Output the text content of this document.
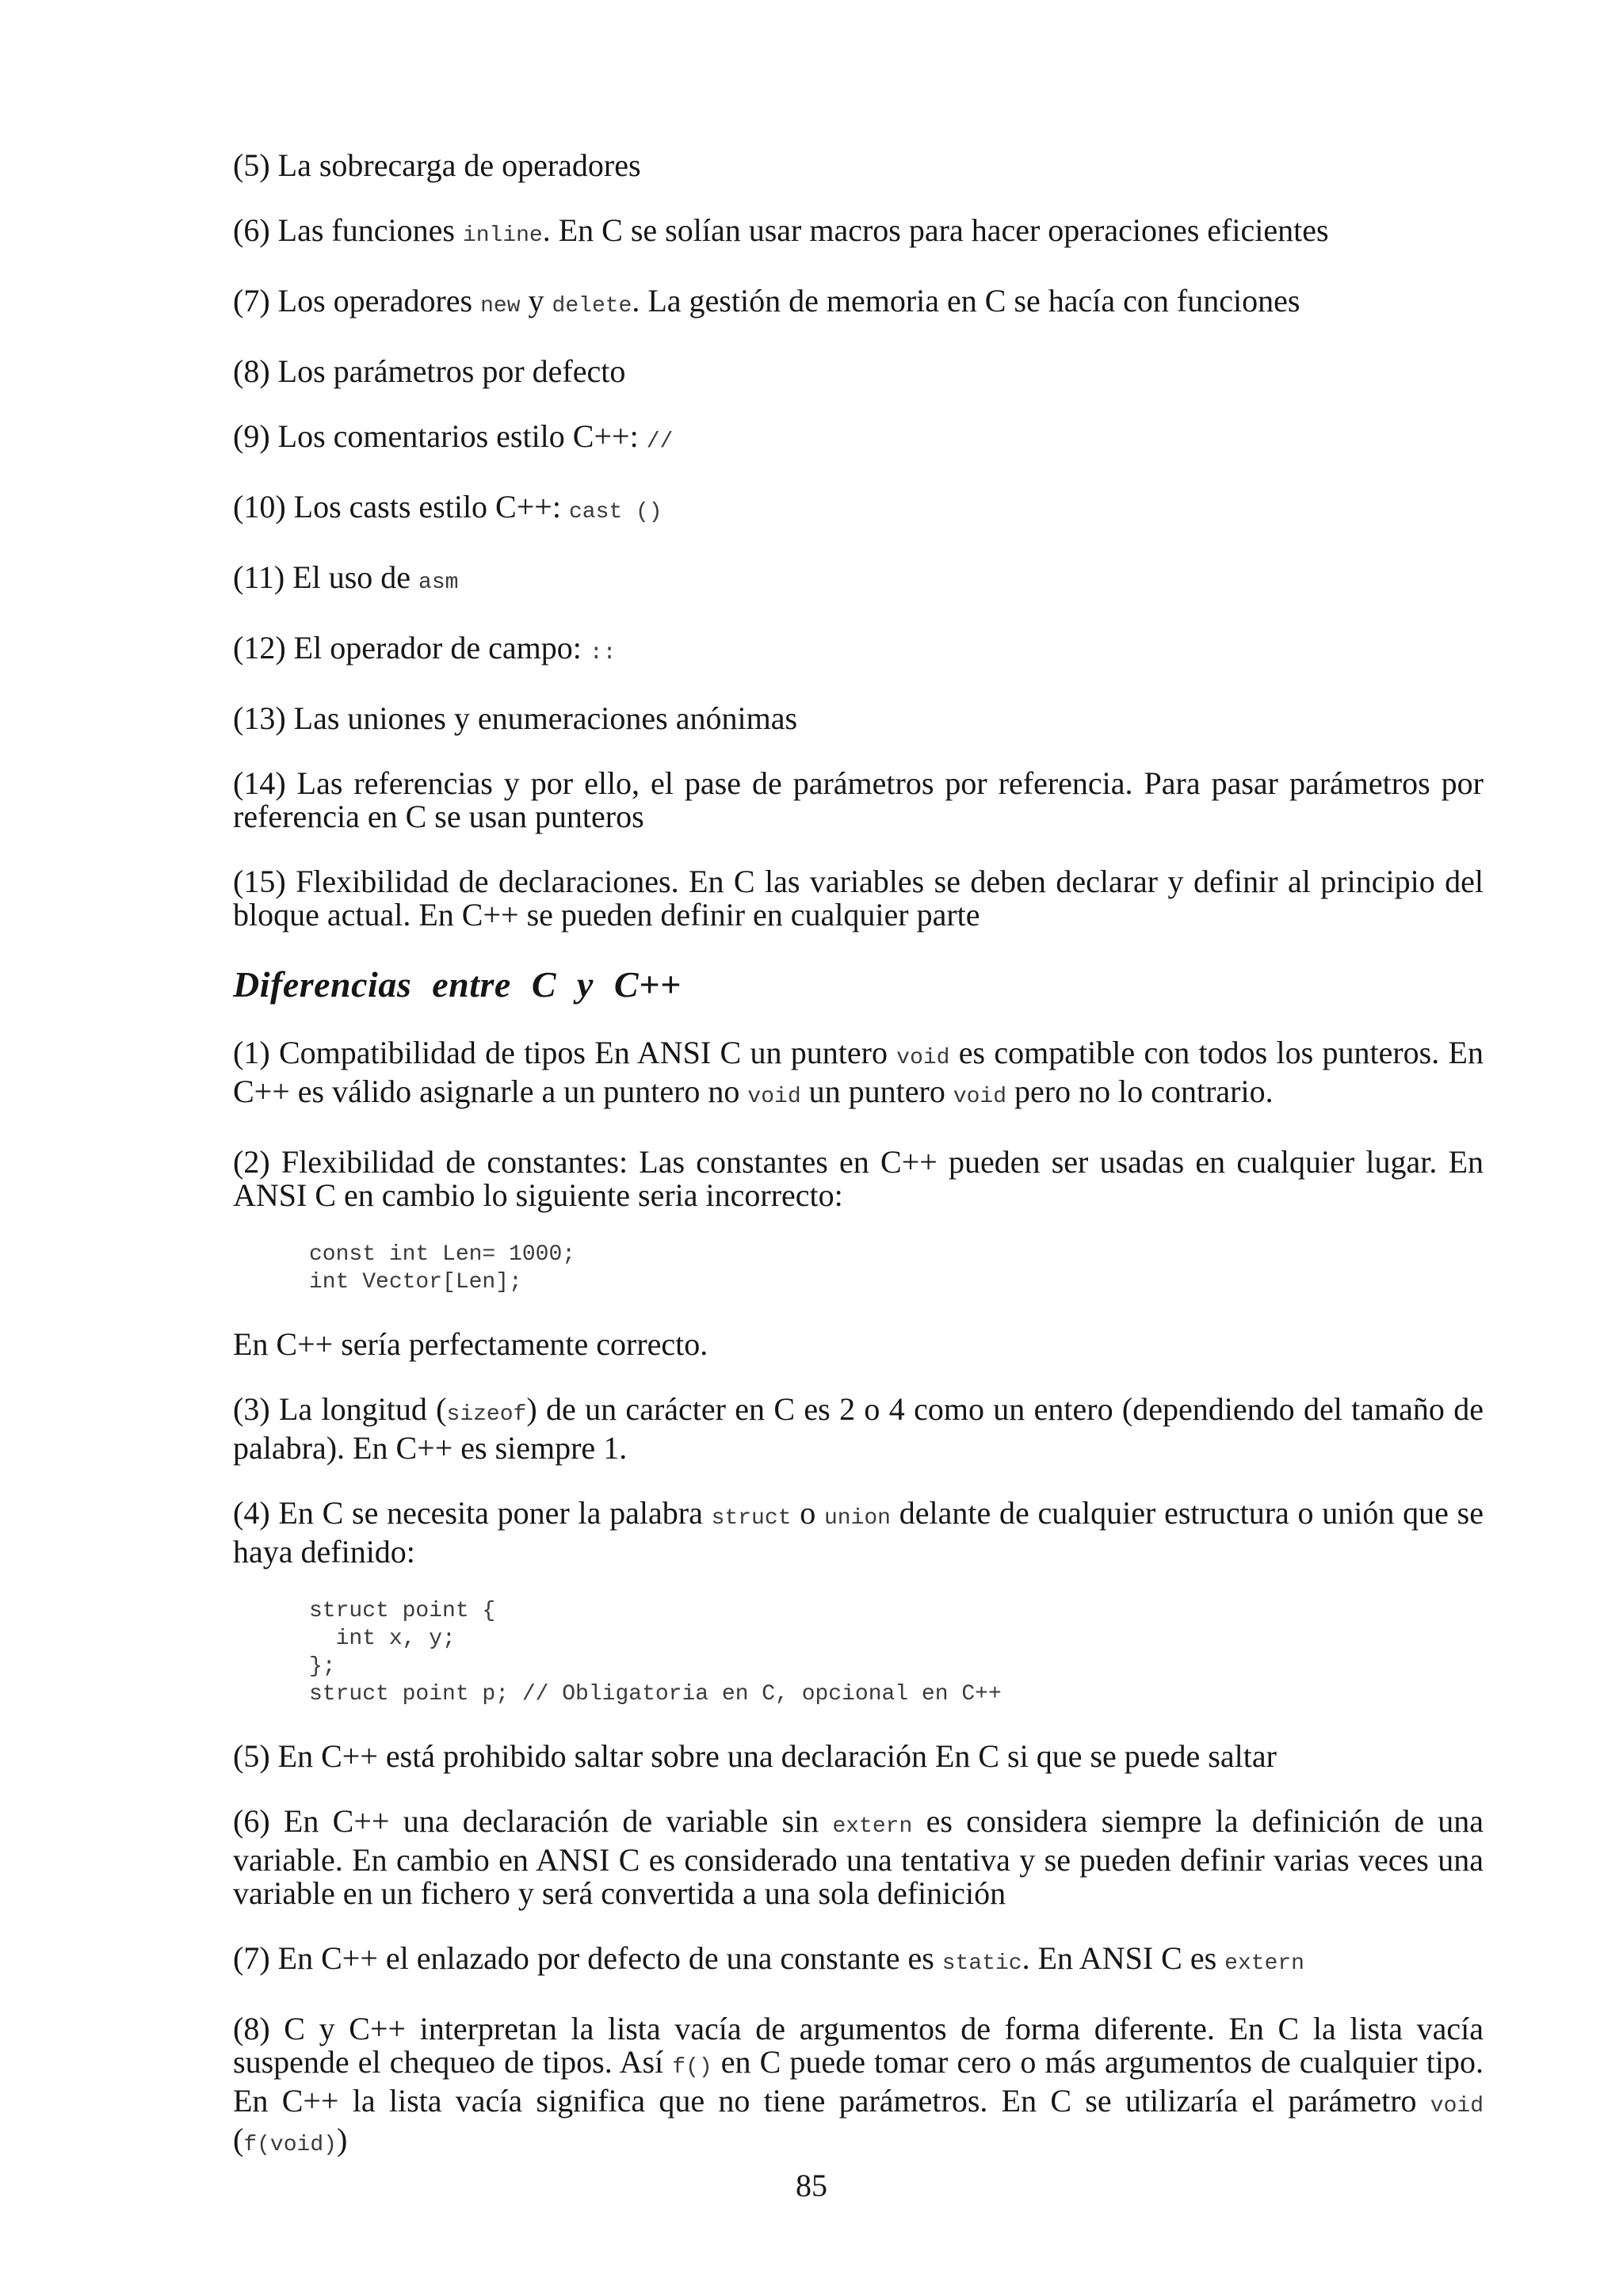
(5) La sobrecarga de operadores

(6) Las funciones inline. En C se solían usar macros para hacer operaciones eficientes

(7) Los operadores new y delete. La gestión de memoria en C se hacía con funciones

(8) Los parámetros por defecto

(9) Los comentarios estilo C++: //

(10) Los casts estilo C++: cast ()

(11) El uso de asm

(12) El operador de campo: ::

(13) Las uniones y enumeraciones anónimas

(14) Las referencias y por ello, el pase de parámetros por referencia. Para pasar parámetros por referencia en C se usan punteros

(15) Flexibilidad de declaraciones. En C las variables se deben declarar y definir al principio del bloque actual. En C++ se pueden definir en cualquier parte

Diferencias entre C y C++

(1) Compatibilidad de tipos En ANSI C un puntero void es compatible con todos los punteros. En C++ es válido asignarle a un puntero no void un puntero void pero no lo contrario.

(2) Flexibilidad de constantes: Las constantes en C++ pueden ser usadas en cualquier lugar. En ANSI C en cambio lo siguiente seria incorrecto:

const int Len= 1000;
int Vector[Len];

En C++ sería perfectamente correcto.

(3) La longitud (sizeof) de un carácter en C es 2 o 4 como un entero (dependiendo del tamaño de palabra). En C++ es siempre 1.

(4) En C se necesita poner la palabra struct o union delante de cualquier estructura o unión que se haya definido:

struct point {
int x, y;
};
struct point p; // Obligatoria en C, opcional en C++

(5) En C++ está prohibido saltar sobre una declaración En C si que se puede saltar

(6) En C++ una declaración de variable sin extern es considera siempre la definición de una variable. En cambio en ANSI C es considerado una tentativa y se pueden definir varias veces una variable en un fichero y será convertida a una sola definición

(7) En C++ el enlazado por defecto de una constante es static. En ANSI C es extern

(8) C y C++ interpretan la lista vacía de argumentos de forma diferente. En C la lista vacía suspende el chequeo de tipos. Así f() en C puede tomar cero o más argumentos de cualquier tipo. En C++ la lista vacía significa que no tiene parámetros. En C se utilizaría el parámetro void (f(void))

85
